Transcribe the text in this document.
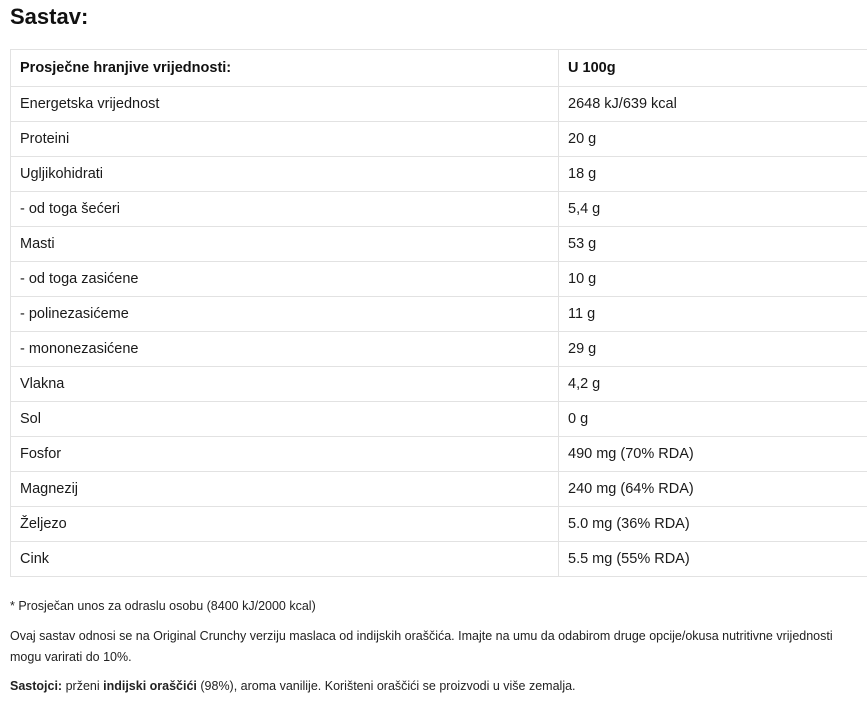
Sastav:
Prosječne hranjive vrijednosti:	U 100g
Energetska vrijednost	2648 kJ/639 kcal
Proteini	20 g
Ugljikohidrati	18 g
- od toga šećeri	5,4 g
Masti	53 g
- od toga zasićene	10 g
- polinezasićeme	11 g
- mononezasićene	29 g
Vlakna	4,2 g
Sol	0 g
Fosfor	490 mg (70% RDA)
Magnezij	240 mg (64% RDA)
Željezo	5.0 mg (36% RDA)
Cink	5.5 mg (55% RDA)

* Prosječan unos za odraslu osobu (8400 kJ/2000 kcal)

Ovaj sastav odnosi se na Original Crunchy verziju maslaca od indijskih oraščića. Imajte na umu da odabirom druge opcije/okusa nutritivne vrijednosti mogu varirati do 10%.

Sastojci: prženi indijski oraščići (98%), aroma vanilije. Korišteni oraščići se proizvodi u više zemalja.
